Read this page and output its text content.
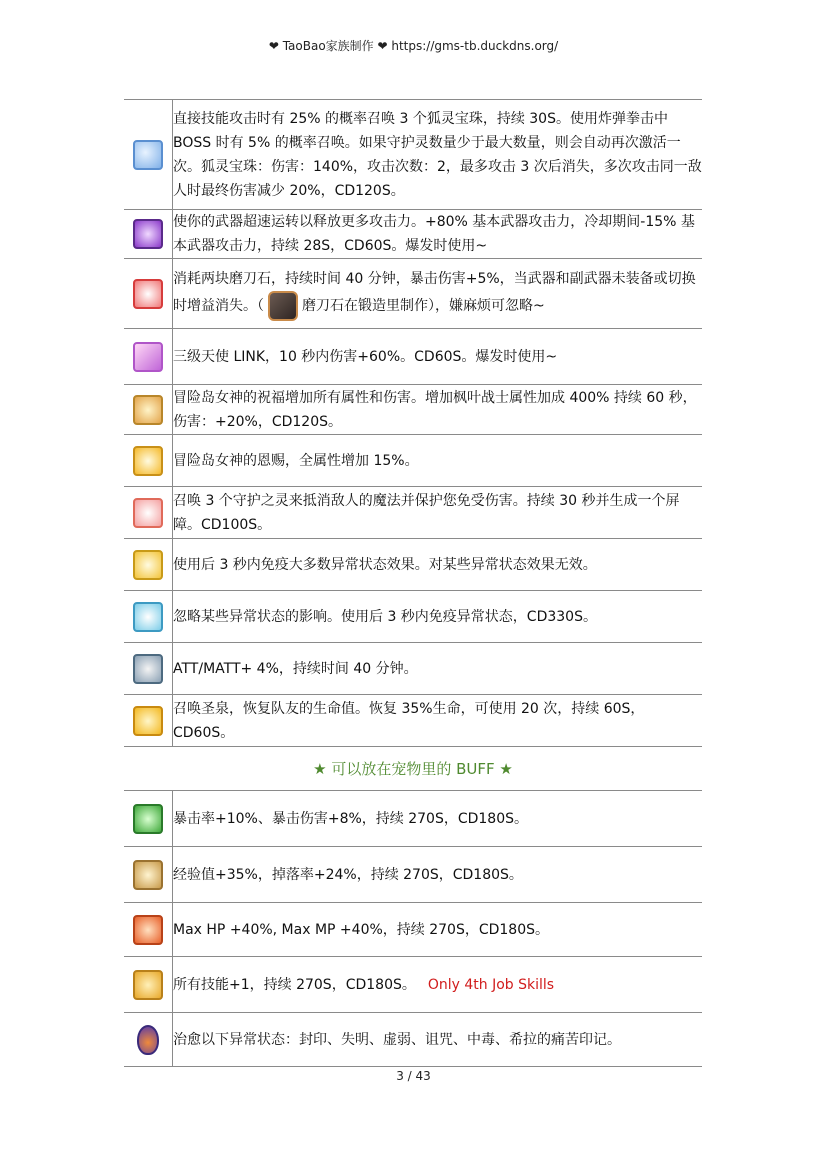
❤ TaoBao家族制作 ❤ https://gms-tb.duckdns.org/
	直接技能攻击时有 25% 的概率召唤 3 个狐灵宝珠，持续 30S。使用炸弹拳击中 BOSS 时有 5% 的概率召唤。如果守护灵数量少于最大数量，则会自动再次激活一次。狐灵宝珠：伤害：140%，攻击次数：2，最多攻击 3 次后消失，多次攻击同一敌人时最终伤害减少 20%，CD120S。
	使你的武器超速运转以释放更多攻击力。+80% 基本武器攻击力，冷却期间-15% 基本武器攻击力，持续 28S，CD60S。爆发时使用~
	消耗两块磨刀石，持续时间 40 分钟，暴击伤害+5%，当武器和副武器未装备或切换时增益消失。（ 磨刀石在锻造里制作），嫌麻烦可忽略~
	三级天使 LINK，10 秒内伤害+60%。CD60S。爆发时使用~
	冒险岛女神的祝福增加所有属性和伤害。增加枫叶战士属性加成 400% 持续 60 秒，伤害：+20%，CD120S。
	冒险岛女神的恩赐，全属性增加 15%。
	召唤 3 个守护之灵来抵消敌人的魔法并保护您免受伤害。持续 30 秒并生成一个屏障。CD100S。
	使用后 3 秒内免疫大多数异常状态效果。对某些异常状态效果无效。
	忽略某些异常状态的影响。使用后 3 秒内免疫异常状态，CD330S。
	ATT/MATT+ 4%，持续时间 40 分钟。
	召唤圣泉，恢复队友的生命值。恢复 35%生命，可使用 20 次，持续 60S，CD60S。
★ 可以放在宠物里的 BUFF ★	
	暴击率+10%、暴击伤害+8%，持续 270S，CD180S。
	经验值+35%，掉落率+24%，持续 270S，CD180S。
	Max HP +40%, Max MP +40%，持续 270S，CD180S。
	所有技能+1，持续 270S，CD180S。 Only 4th Job Skills
	治愈以下异常状态：封印、失明、虚弱、诅咒、中毒、希拉的痛苦印记。
3 / 43
